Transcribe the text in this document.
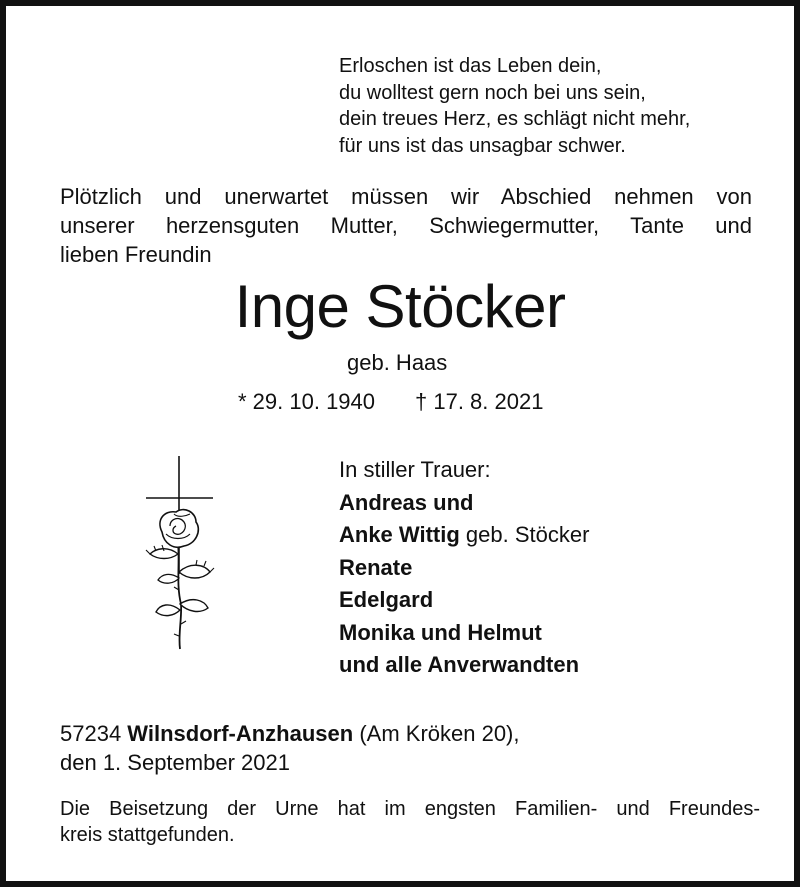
Erloschen ist das Leben dein,
du wolltest gern noch bei uns sein,
dein treues Herz, es schlägt nicht mehr,
für uns ist das unsagbar schwer.
Plötzlich und unerwartet müssen wir Abschied nehmen von
unserer herzensguten Mutter, Schwiegermutter, Tante und
lieben Freundin
Inge Stöcker
geb. Haas
* 29. 10. 1940 † 17. 8. 2021
In stiller Trauer:
Andreas und
Anke Wittig geb. Stöcker
Renate
Edelgard
Monika und Helmut
und alle Anverwandten
57234 Wilnsdorf-Anzhausen (Am Kröken 20),
den 1. September 2021
Die Beisetzung der Urne hat im engsten Familien- und Freundes-
kreis stattgefunden.
